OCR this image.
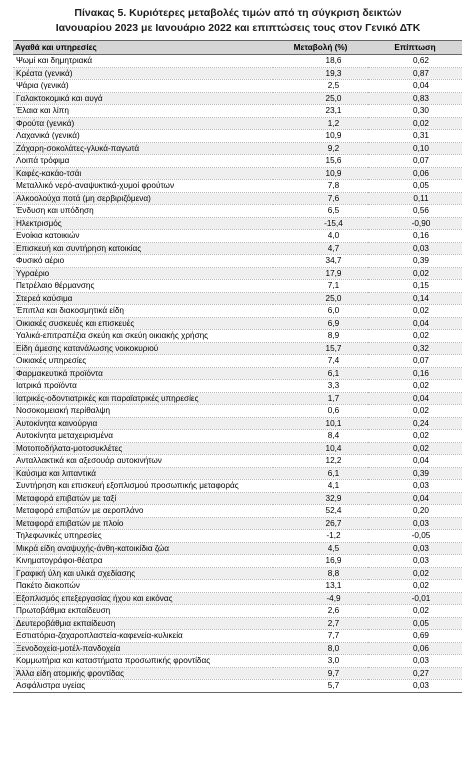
Πίνακας 5. Κυριότερες μεταβολές τιμών από τη σύγκριση δεικτών
Ιανουαρίου 2023 με Ιανουάριο 2022 και επιπτώσεις τους στον Γενικό ΔΤΚ
Αγαθά και υπηρεσίες	Μεταβολή (%)	Επίπτωση
Ψωμί και δημητριακά	18,6	0,62
Κρέατα (γενικά)	19,3	0,87
Ψάρια (γενικά)	2,5	0,04
Γαλακτοκομικά και αυγά	25,0	0,83
Έλαια και λίπη	23,1	0,30
Φρούτα (γενικά)	1,2	0,02
Λαχανικά (γενικά)	10,9	0,31
Ζάχαρη-σοκολάτες-γλυκά-παγωτά	9,2	0,10
Λοιπά τρόφιμα	15,6	0,07
Καφές-κακάο-τσάι	10,9	0,06
Μεταλλικό νερό-αναψυκτικά-χυμοί φρούτων	7,8	0,05
Αλκοολούχα ποτά (μη σερβιριζόμενα)	7,6	0,11
Ένδυση και υπόδηση	6,5	0,56
Ηλεκτρισμός	-15,4	-0,90
Ενοίκια κατοικιών	4,0	0,16
Επισκευή και συντήρηση κατοικίας	4,7	0,03
Φυσικό αέριο	34,7	0,39
Υγραέριο	17,9	0,02
Πετρέλαιο θέρμανσης	7,1	0,15
Στερεά καύσιμα	25,0	0,14
Έπιπλα και διακοσμητικά είδη	6,0	0,02
Οικιακές συσκευές και επισκευές	6,9	0,04
Υαλικά-επιτραπέζια σκεύη και σκεύη οικιακής χρήσης	8,9	0,02
Είδη άμεσης κατανάλωσης νοικοκυριού	15,7	0,32
Οικιακές υπηρεσίες	7,4	0,07
Φαρμακευτικά προϊόντα	6,1	0,16
Ιατρικά προϊόντα	3,3	0,02
Ιατρικές-οδοντιατρικές και παραϊατρικές υπηρεσίες	1,7	0,04
Νοσοκομειακή περίθαλψη	0,6	0,02
Αυτοκίνητα καινούργια	10,1	0,24
Αυτοκίνητα μεταχειρισμένα	8,4	0,02
Μοτοποδήλατα-μοτοσυκλέτες	10,4	0,02
Ανταλλακτικά και αξεσουάρ αυτοκινήτων	12,2	0,04
Καύσιμα και λιπαντικά	6,1	0,39
Συντήρηση και επισκευή εξοπλισμού προσωπικής μεταφοράς	4,1	0,03
Μεταφορά επιβατών με ταξί	32,9	0,04
Μεταφορά επιβατών με αεροπλάνο	52,4	0,20
Μεταφορά επιβατών με πλοίο	26,7	0,03
Τηλεφωνικές υπηρεσίες	-1,2	-0,05
Μικρά είδη αναψυχής-άνθη-κατοικίδια ζώα	4,5	0,03
Κινηματογράφοι-θέατρα	16,9	0,03
Γραφική ύλη και υλικά σχεδίασης	8,8	0,02
Πακέτο διακοπών	13,1	0,02
Εξοπλισμός επεξεργασίας ήχου και εικόνας	-4,9	-0,01
Πρωτοβάθμια εκπαίδευση	2,6	0,02
Δευτεροβάθμια εκπαίδευση	2,7	0,05
Εστιατόρια-ζαχαροπλαστεία-καφενεία-κυλικεία	7,7	0,69
Ξενοδοχεία-μοτέλ-πανδοχεία	8,0	0,06
Κομμωτήρια και καταστήματα προσωπικής φροντίδας	3,0	0,03
Άλλα είδη ατομικής φροντίδας	9,7	0,27
Ασφάλιστρα υγείας	5,7	0,03
